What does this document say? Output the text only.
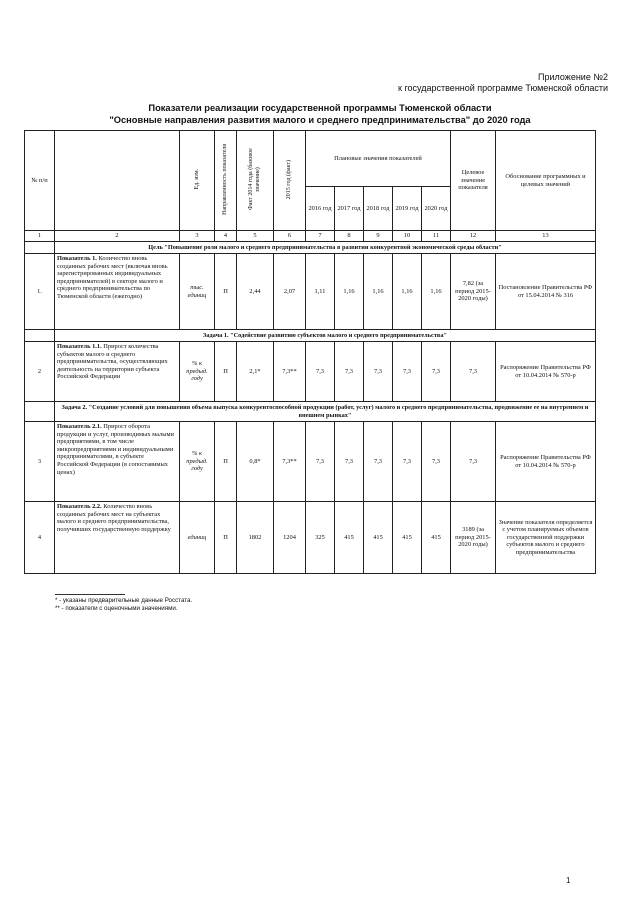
Приложение №2
к государственной программе Тюменской области
Показатели реализации государственной программы Тюменской области
"Основные направления развития малого и среднего предпринимательства" до 2020 года
№ п/п		Ед. изм.	Направленность показателя	Факт 2014 года (базовое значение)	2015 год (факт)	Плановые значения показателей					Целевое значение показателя	Обоснование программных и целевых значений
						2016 год	2017 год	2018 год	2019 год	2020 год		
1	2	3	4	5	6	7	8	9	10	11	12	13
	Цель "Повышение роли малого и среднего предпринимательства в развитии конкурентной экономической среды области"											
1.	Показатель 1. Количество вновь созданных рабочих мест (включая вновь зарегистрированных индивидуальных предпринимателей) в секторе малого и среднего предпринимательства по Тюменской области (ежегодно)	тыс. единиц	П	2,44	2,07	1,11	1,16	1,16	1,16	1,16	7,82 (за период 2015-2020 годы)	Постановление Правительства РФ от 15.04.2014 № 316
	Задача 1. "Содействие развитию субъектов малого и среднего предпринимательства"											
2	Показатель 1.1. Прирост количества субъектов малого и среднего предпринимательства, осуществляющих деятельность на территории субъекта Российской Федерации	% к предыд. году	П	2,1*	7,3**	7,3	7,3	7,3	7,3	7,3	7,3	Распоряжение Правительства РФ от 10.04.2014 № 570-р
	Задача 2. "Создание условий для повышения объема выпуска конкурентоспособной продукции (работ, услуг) малого и среднего предпринимательства, продвижение ее на внутреннем и внешнем рынках"											
3	Показатель 2.1. Прирост оборота продукции и услуг, производимых малыми предприятиями, в том числе микропредприятиями и индивидуальными предпринимателями, в субъекте Российской Федерации (в сопоставимых ценах)	% к предыд. году	П	0,8*	7,3**	7,3	7,3	7,3	7,3	7,3	7,3	Распоряжение Правительства РФ от 10.04.2014 № 570-р
4	Показатель 2.2. Количество вновь созданных рабочих мест на субъектах малого и среднего предпринимательства, получивших государственную поддержку	единиц	П	1802	1204	325	415	415	415	415	3189 (за период 2015-2020 годы)	Значение показателя определяется с учетом планируемых объемов государственной поддержки субъектов малого и среднего предпринимательства
* - указаны предварительные данные Росстата.
** - показатели с оценочными значениями.
1
